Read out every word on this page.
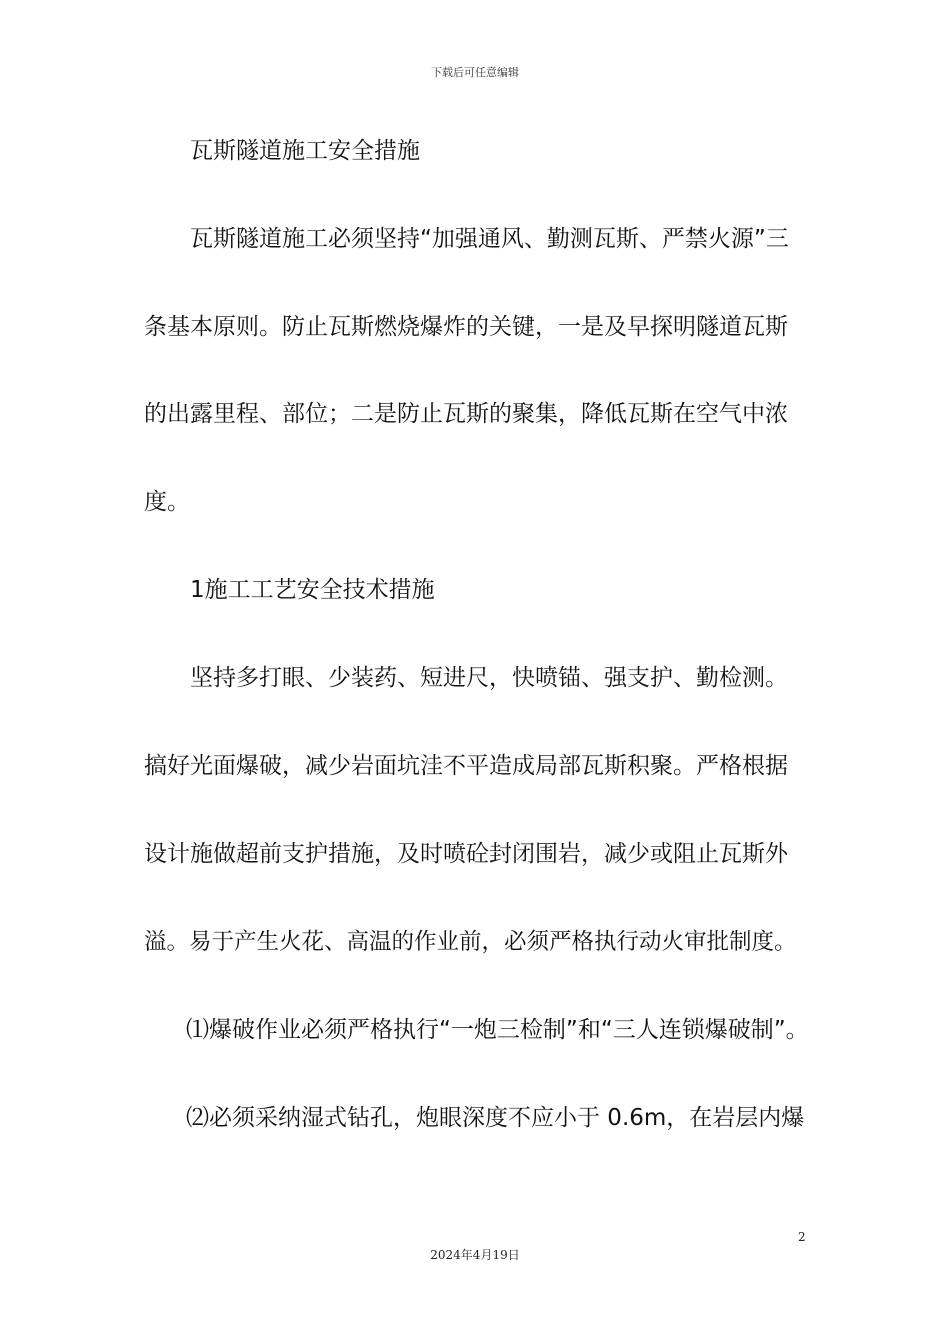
下载后可任意编辑
瓦斯隧道施工安全措施
瓦斯隧道施工必须坚持“加强通风、勤测瓦斯、严禁火源”三
条基本原则。防止瓦斯燃烧爆炸的关键，一是及早探明隧道瓦斯
的出露里程、部位；二是防止瓦斯的聚集，降低瓦斯在空气中浓
度。
1施工工艺安全技术措施
坚持多打眼、少装药、短进尺，快喷锚、强支护、勤检测。
搞好光面爆破，减少岩面坑洼不平造成局部瓦斯积聚。严格根据
设计施做超前支护措施，及时喷砼封闭围岩，减少或阻止瓦斯外
溢。易于产生火花、高温的作业前，必须严格执行动火审批制度。
⑴爆破作业必须严格执行“一炮三检制”和“三人连锁爆破制”。
⑵必须采纳湿式钻孔，炮眼深度不应小于 0.6m，在岩层内爆
2
2024年4月19日
